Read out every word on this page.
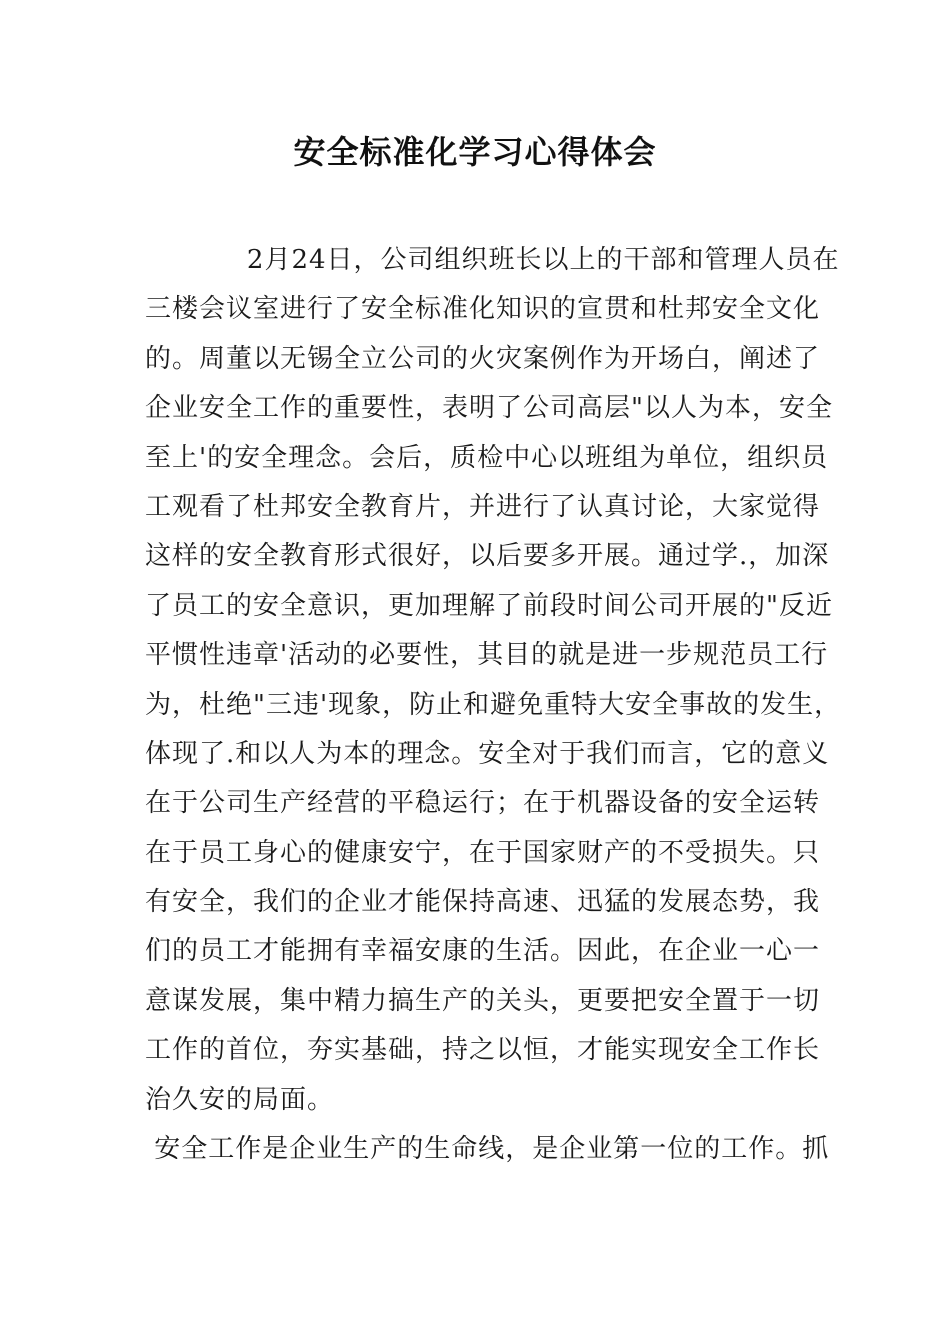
安全标准化学习心得体会
2月24日，公司组织班长以上的干部和管理人员在
三楼会议室进行了安全标准化知识的宣贯和杜邦安全文化
的。周董以无锡全立公司的火灾案例作为开场白，阐述了
企业安全工作的重要性，表明了公司高层"以人为本，安全
至上'的安全理念。会后，质检中心以班组为单位，组织员
工观看了杜邦安全教育片，并进行了认真讨论，大家觉得
这样的安全教育形式很好，以后要多开展。通过学.，加深
了员工的安全意识，更加理解了前段时间公司开展的"反近
平惯性违章'活动的必要性，其目的就是进一步规范员工行
为，杜绝"三违'现象，防止和避免重特大安全事故的发生，
体现了.和以人为本的理念。安全对于我们而言，它的意义
在于公司生产经营的平稳运行；在于机器设备的安全运转
在于员工身心的健康安宁，在于国家财产的不受损失。只
有安全，我们的企业才能保持高速、迅猛的发展态势，我
们的员工才能拥有幸福安康的生活。因此，在企业一心一
意谋发展，集中精力搞生产的关头，更要把安全置于一切
工作的首位，夯实基础，持之以恒，才能实现安全工作长
治久安的局面。
安全工作是企业生产的生命线，是企业第一位的工作。抓
